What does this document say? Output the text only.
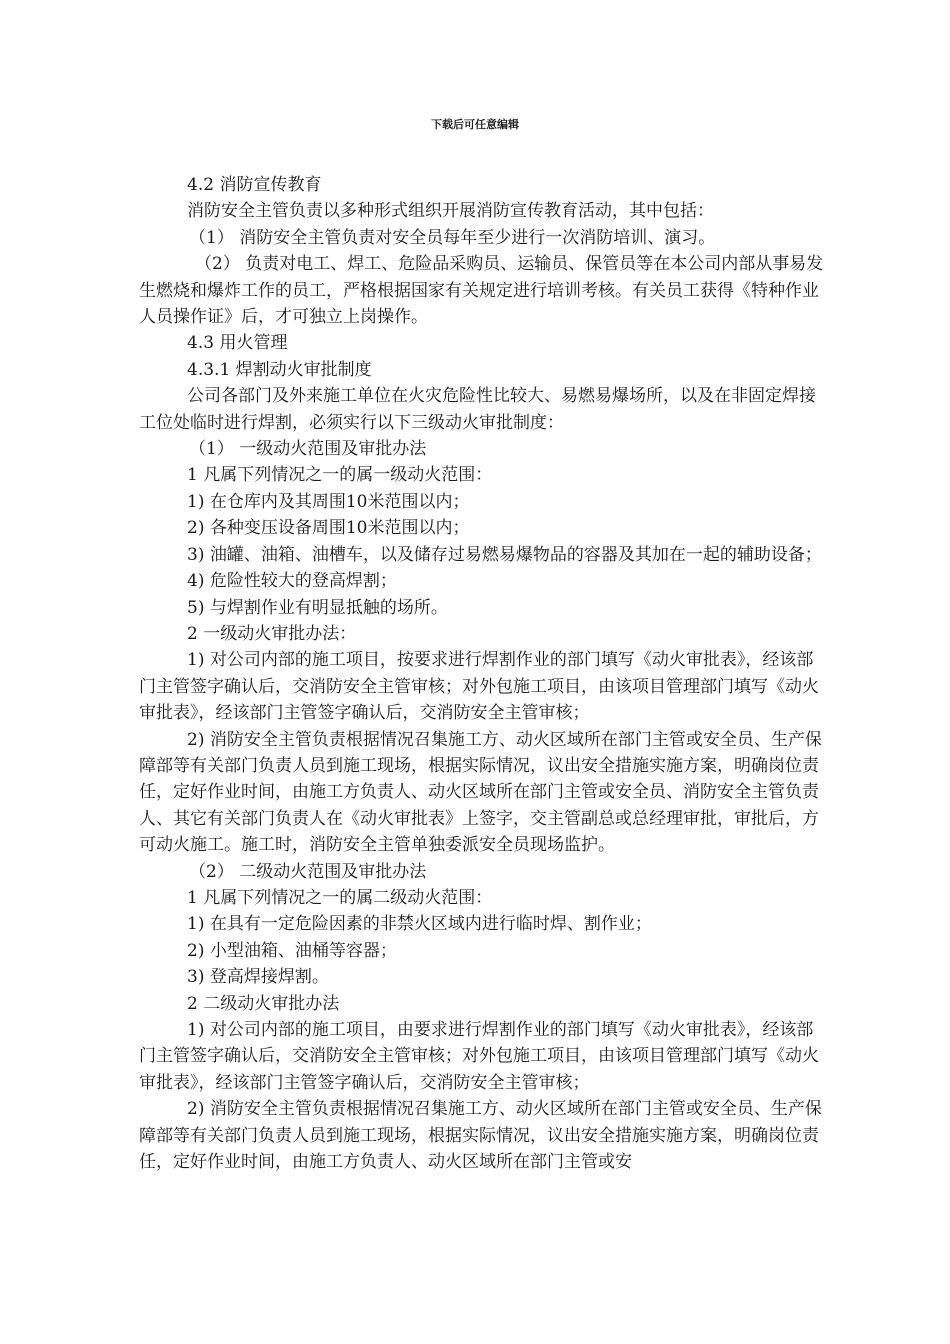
下载后可任意编辑

4.2 消防宣传教育

消防安全主管负责以多种形式组织开展消防宣传教育活动，其中包括：

（1） 消防安全主管负责对安全员每年至少进行一次消防培训、演习。

（2） 负责对电工、焊工、危险品采购员、运输员、保管员等在本公司内部从事易发生燃烧和爆炸工作的员工，严格根据国家有关规定进行培训考核。有关员工获得《特种作业人员操作证》后，才可独立上岗操作。

4.3 用火管理

4.3.1 焊割动火审批制度

公司各部门及外来施工单位在火灾危险性比较大、易燃易爆场所，以及在非固定焊接工位处临时进行焊割，必须实行以下三级动火审批制度：

（1） 一级动火范围及审批办法

1 凡属下列情况之一的属一级动火范围：

1) 在仓库内及其周围10米范围以内；

2) 各种变压设备周围10米范围以内；

3) 油罐、油箱、油槽车，以及储存过易燃易爆物品的容器及其加在一起的辅助设备；

4) 危险性较大的登高焊割；

5) 与焊割作业有明显抵触的场所。

2 一级动火审批办法：

1) 对公司内部的施工项目，按要求进行焊割作业的部门填写《动火审批表》，经该部门主管签字确认后，交消防安全主管审核；对外包施工项目，由该项目管理部门填写《动火审批表》，经该部门主管签字确认后，交消防安全主管审核；

2) 消防安全主管负责根据情况召集施工方、动火区域所在部门主管或安全员、生产保障部等有关部门负责人员到施工现场，根据实际情况，议出安全措施实施方案，明确岗位责任，定好作业时间，由施工方负责人、动火区域所在部门主管或安全员、消防安全主管负责人、其它有关部门负责人在《动火审批表》上签字，交主管副总或总经理审批，审批后，方可动火施工。施工时，消防安全主管单独委派安全员现场监护。

（2） 二级动火范围及审批办法

1 凡属下列情况之一的属二级动火范围：

1) 在具有一定危险因素的非禁火区域内进行临时焊、割作业；

2) 小型油箱、油桶等容器；

3) 登高焊接焊割。

2 二级动火审批办法

1) 对公司内部的施工项目，由要求进行焊割作业的部门填写《动火审批表》，经该部门主管签字确认后，交消防安全主管审核；对外包施工项目，由该项目管理部门填写《动火审批表》，经该部门主管签字确认后，交消防安全主管审核；

2) 消防安全主管负责根据情况召集施工方、动火区域所在部门主管或安全员、生产保障部等有关部门负责人员到施工现场，根据实际情况，议出安全措施实施方案，明确岗位责任，定好作业时间，由施工方负责人、动火区域所在部门主管或安
